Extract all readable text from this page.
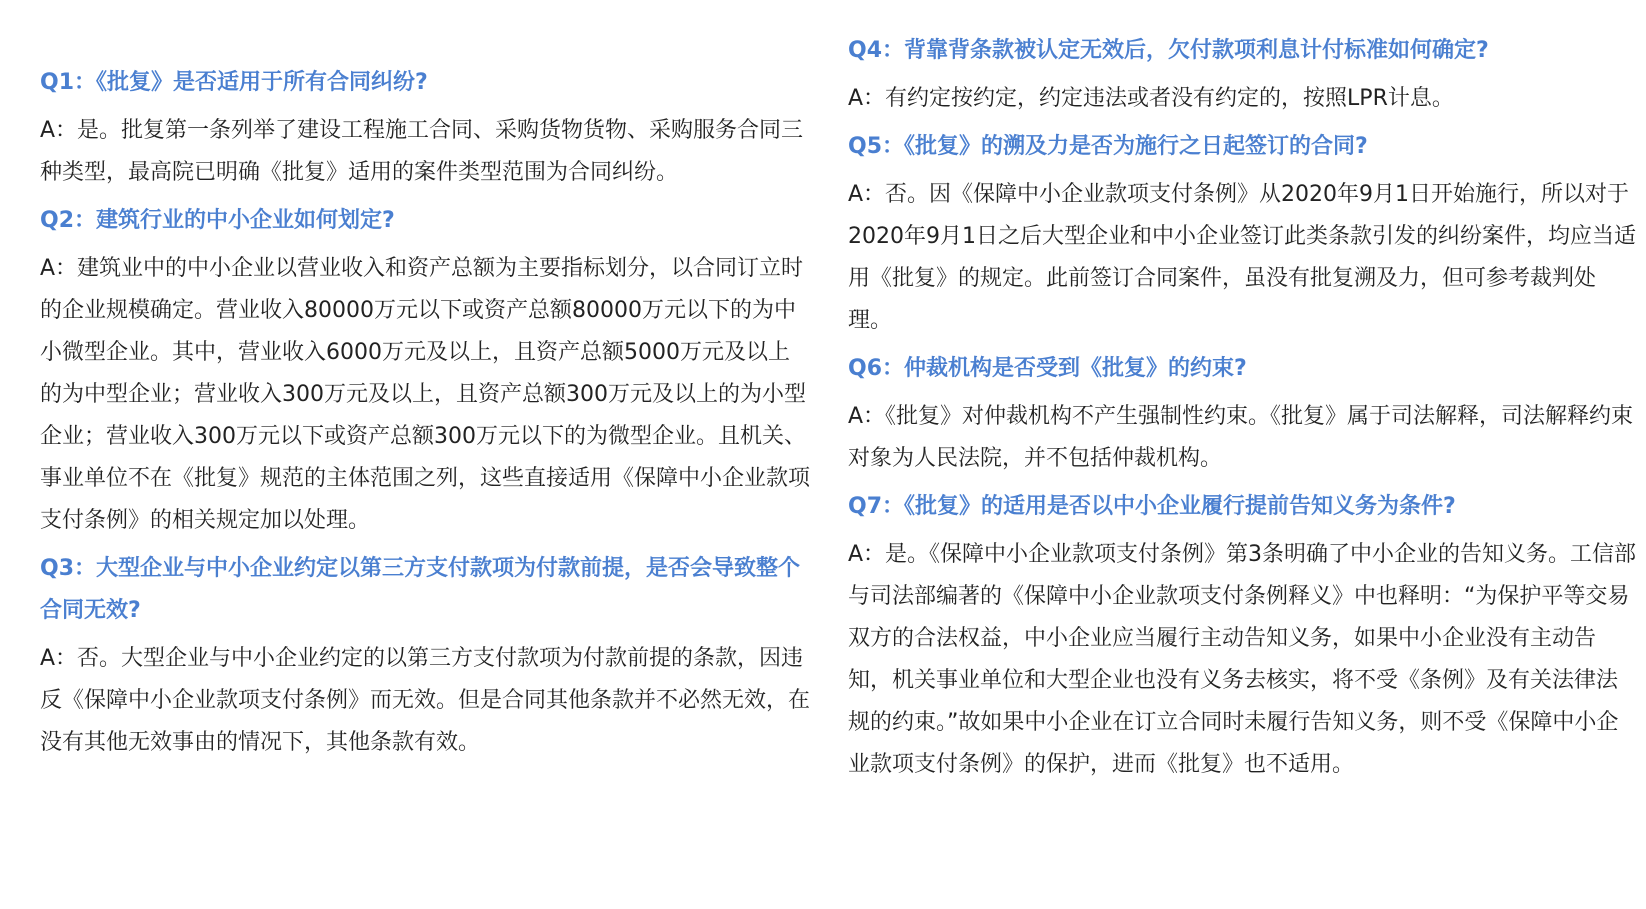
Q1：《批复》是否适用于所有合同纠纷?

A：是。批复第一条列举了建设工程施工合同、采购货物货物、采购服务合同三种类型，最高院已明确《批复》适用的案件类型范围为合同纠纷。

Q2：建筑行业的中小企业如何划定?

A：建筑业中的中小企业以营业收入和资产总额为主要指标划分，以合同订立时的企业规模确定。营业收入80000万元以下或资产总额80000万元以下的为中小微型企业。其中，营业收入6000万元及以上，且资产总额5000万元及以上的为中型企业；营业收入300万元及以上，且资产总额300万元及以上的为小型企业；营业收入300万元以下或资产总额300万元以下的为微型企业。且机关、事业单位不在《批复》规范的主体范围之列，这些直接适用《保障中小企业款项支付条例》的相关规定加以处理。

Q3：大型企业与中小企业约定以第三方支付款项为付款前提，是否会导致整个合同无效?

A：否。大型企业与中小企业约定的以第三方支付款项为付款前提的条款，因违反《保障中小企业款项支付条例》而无效。但是合同其他条款并不必然无效，在没有其他无效事由的情况下，其他条款有效。

Q4：背靠背条款被认定无效后，欠付款项利息计付标准如何确定?

A：有约定按约定，约定违法或者没有约定的，按照LPR计息。

Q5：《批复》的溯及力是否为施行之日起签订的合同?

A：否。因《保障中小企业款项支付条例》从2020年9月1日开始施行，所以对于2020年9月1日之后大型企业和中小企业签订此类条款引发的纠纷案件，均应当适用《批复》的规定。此前签订合同案件，虽没有批复溯及力，但可参考裁判处理。

Q6：仲裁机构是否受到《批复》的约束?

A：《批复》对仲裁机构不产生强制性约束。《批复》属于司法解释，司法解释约束对象为人民法院，并不包括仲裁机构。

Q7：《批复》的适用是否以中小企业履行提前告知义务为条件?

A：是。《保障中小企业款项支付条例》第3条明确了中小企业的告知义务。工信部与司法部编著的《保障中小企业款项支付条例释义》中也释明：“为保护平等交易双方的合法权益，中小企业应当履行主动告知义务，如果中小企业没有主动告知，机关事业单位和大型企业也没有义务去核实，将不受《条例》及有关法律法规的约束。”故如果中小企业在订立合同时未履行告知义务，则不受《保障中小企业款项支付条例》的保护，进而《批复》也不适用。
